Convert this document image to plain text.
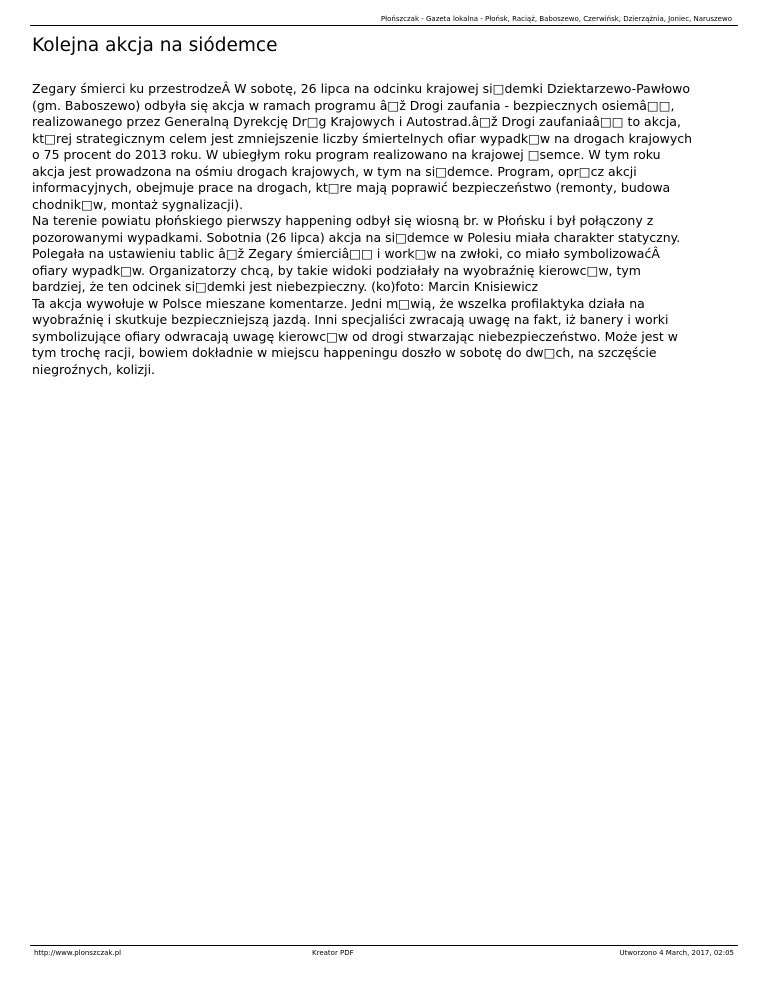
Płońszczak - Gazeta lokalna - Płońsk, Raciąż, Baboszewo, Czerwińsk, Dzierzążnia, Joniec, Naruszewo
Kolejna akcja na siódemce

Zegary śmierci ku przestrodzeÂ W sobotę, 26 lipca na odcinku krajowej si□demki Dziektarzewo-Pawłowo
(gm. Baboszewo) odbyła się akcja w ramach programu â□ž Drogi zaufania - bezpiecznych osiemâ□□,
realizowanego przez Generalną Dyrekcję Dr□g Krajowych i Autostrad.â□ž Drogi zaufaniaâ□□ to akcja,
kt□rej strategicznym celem jest zmniejszenie liczby śmiertelnych ofiar wypadk□w na drogach krajowych
o 75 procent do 2013 roku. W ubiegłym roku program realizowano na krajowej □semce. W tym roku
akcja jest prowadzona na ośmiu drogach krajowych, w tym na si□demce. Program, opr□cz akcji
informacyjnych, obejmuje prace na drogach, kt□re mają poprawić bezpieczeństwo (remonty, budowa
chodnik□w, montaż sygnalizacji).

Na terenie powiatu płońskiego pierwszy happening odbył się wiosną br. w Płońsku i był połączony z
pozorowanymi wypadkami. Sobotnia (26 lipca) akcja na si□demce w Polesiu miała charakter statyczny.
Polegała na ustawieniu tablic â□ž Zegary śmierciâ□□ i work□w na zwłoki, co miało symbolizowaćÂ
ofiary wypadk□w. Organizatorzy chcą, by takie widoki podziałały na wyobraźnię kierowc□w, tym
bardziej, że ten odcinek si□demki jest niebezpieczny. (ko)foto: Marcin Knisiewicz

Ta akcja wywołuje w Polsce mieszane komentarze. Jedni m□wią, że wszelka profilaktyka działa na
wyobraźnię i skutkuje bezpieczniejszą jazdą. Inni specjaliści zwracają uwagę na fakt, iż banery i worki
symbolizujące ofiary odwracają uwagę kierowc□w od drogi stwarzając niebezpieczeństwo. Może jest w
tym trochę racji, bowiem dokładnie w miejscu happeningu doszło w sobotę do dw□ch, na szczęście
niegroźnych, kolizji.

http://www.plonszczak.pl	Kreator PDF	Utworzono 4 March, 2017, 02:05
